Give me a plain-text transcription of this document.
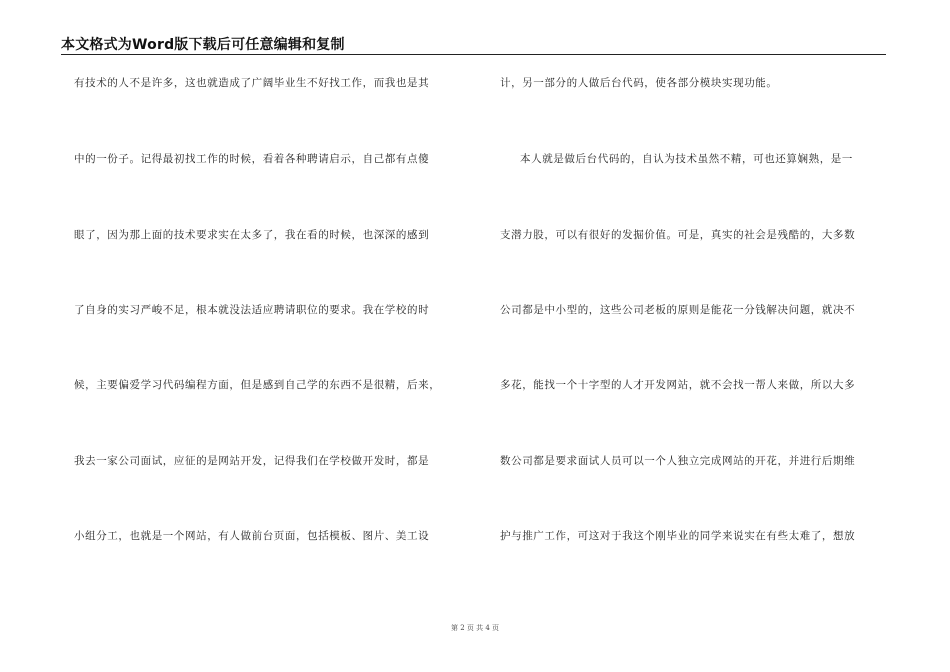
本文格式为Word版下载后可任意编辑和复制
有技术的人不是许多，这也就造成了广阔毕业生不好找工作，而我也是其
中的一份子。记得最初找工作的时候，看着各种聘请启示，自己都有点傻
眼了，因为那上面的技术要求实在太多了，我在看的时候，也深深的感到
了自身的实习严峻不足，根本就没法适应聘请职位的要求。我在学校的时
候，主要偏爱学习代码编程方面，但是感到自己学的东西不是很精，后来，
我去一家公司面试，应征的是网站开发，记得我们在学校做开发时，都是
小组分工，也就是一个网站，有人做前台页面，包括模板、图片、美工设
计，另一部分的人做后台代码，使各部分模块实现功能。
本人就是做后台代码的，自认为技术虽然不精，可也还算娴熟，是一
支潜力股，可以有很好的发掘价值。可是，真实的社会是残酷的，大多数
公司都是中小型的，这些公司老板的原则是能花一分钱解决问题，就决不
多花，能找一个十字型的人才开发网站，就不会找一帮人来做，所以大多
数公司都是要求面试人员可以一个人独立完成网站的开花，并进行后期维
护与推广工作，可这对于我这个刚毕业的同学来说实在有些太难了，想放
第 2 页 共 4 页
